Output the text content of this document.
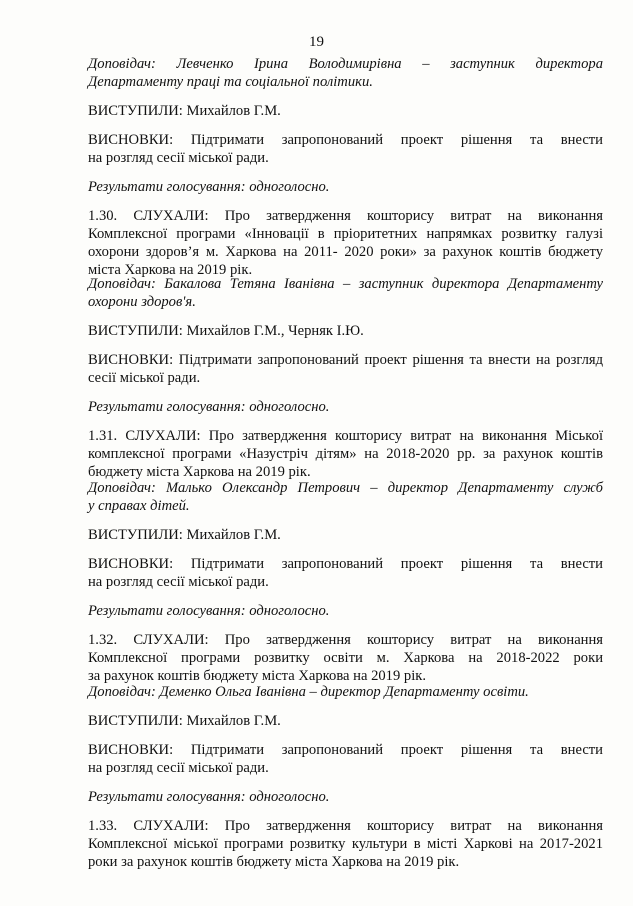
19
Доповідач: Левченко Ірина Володимирівна – заступник директора
Департаменту праці та соціальної політики.
ВИСТУПИЛИ: Михайлов Г.М.
ВИСНОВКИ: Підтримати запропонований проект рішення та внести
на розгляд сесії міської ради.
Результати голосування: одноголосно.
1.30. СЛУХАЛИ: Про затвердження кошторису витрат на виконання
Комплексної програми «Інновації в пріоритетних напрямках розвитку галузі
охорони здоров’я м. Харкова на 2011- 2020 роки» за рахунок коштів бюджету
міста Харкова на 2019 рік.
Доповідач: Бакалова Тетяна Іванівна – заступник директора Департаменту
охорони здоров'я.
ВИСТУПИЛИ: Михайлов Г.М., Черняк І.Ю.
ВИСНОВКИ: Підтримати запропонований проект рішення та внести на розгляд
сесії міської ради.
Результати голосування: одноголосно.
1.31. СЛУХАЛИ: Про затвердження кошторису витрат на виконання Міської
комплексної програми «Назустріч дітям» на 2018-2020 рр. за рахунок коштів
бюджету міста Харкова на 2019 рік.
Доповідач: Малько Олександр Петрович – директор Департаменту служб
у справах дітей.
ВИСТУПИЛИ: Михайлов Г.М.
ВИСНОВКИ: Підтримати запропонований проект рішення та внести
на розгляд сесії міської ради.
Результати голосування: одноголосно.
1.32. СЛУХАЛИ: Про затвердження кошторису витрат на виконання
Комплексної програми розвитку освіти м. Харкова на 2018-2022 роки
за рахунок коштів бюджету міста Харкова на 2019 рік.
Доповідач: Деменко Ольга Іванівна – директор Департаменту освіти.
ВИСТУПИЛИ: Михайлов Г.М.
ВИСНОВКИ: Підтримати запропонований проект рішення та внести
на розгляд сесії міської ради.
Результати голосування: одноголосно.
1.33. СЛУХАЛИ: Про затвердження кошторису витрат на виконання
Комплексної міської програми розвитку культури в місті Харкові на 2017-2021
роки за рахунок коштів бюджету міста Харкова на 2019 рік.
